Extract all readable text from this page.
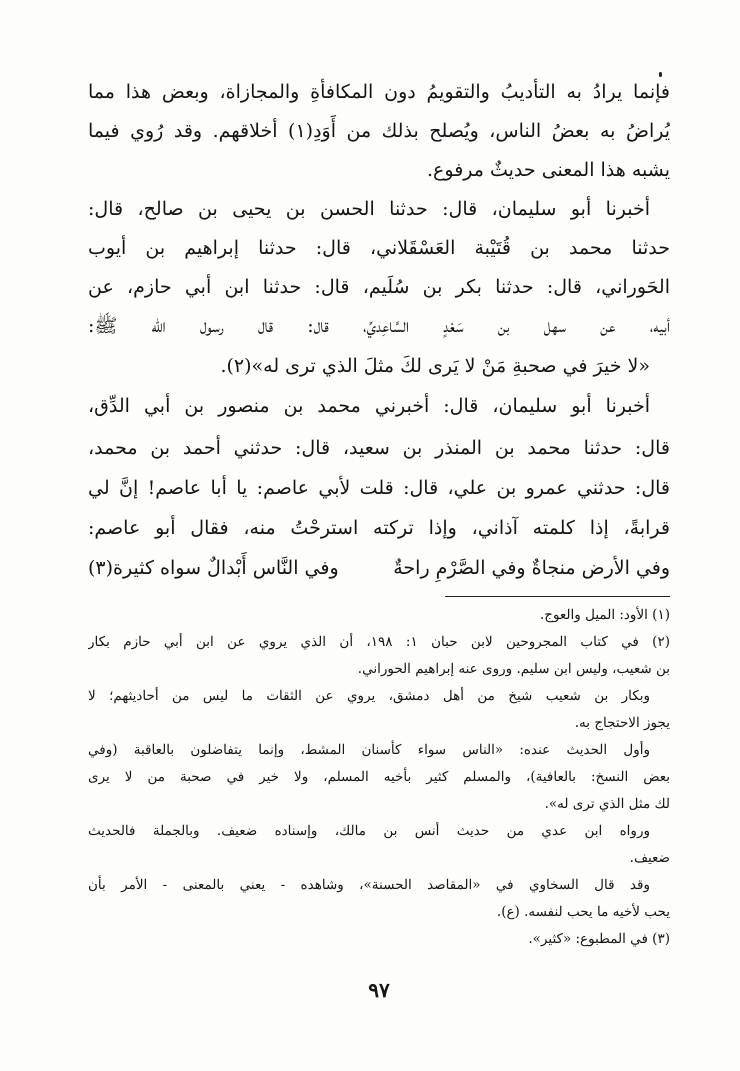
فإنما يرادُ به التأديبُ والتقويمُ دون المكافأةِ والمجازاة، وبعض هذا مما
يُراضُ به بعضُ الناس، ويُصلح بذلك من أَوَدِ(١) أخلاقهم. وقد رُوي فيما
يشبه هذا المعنى حديثٌ مرفوع.
أخبرنا أبو سليمان، قال: حدثنا الحسن بن يحيى بن صالح، قال:
حدثنا محمد بن قُتَيْبة العَسْقَلاني، قال: حدثنا إبراهيم بن أيوب
الحَوراني، قال: حدثنا بكر بن سُلَيم، قال: حدثنا ابن أبي حازم، عن
أبيه، عن سهل بن سَعْدٍ السَّاعِديِّ، قال: قال رسول الله ﷺ:
«لا خيرَ في صحبةِ مَنْ لا يَرى لكَ مثلَ الذي ترى له»(٢).
أخبرنا أبو سليمان، قال: أخبرني محمد بن منصور بن أبي الدِّق،
قال: حدثنا محمد بن المنذر بن سعيد، قال: حدثني أحمد بن محمد،
قال: حدثني عمرو بن علي، قال: قلت لأبي عاصم: يا أبا عاصم! إنَّ لي
قرابةً، إذا كلمته آذاني، وإذا تركته استرحْتُ منه، فقال أبو عاصم:
(١) الأود: الميل والعوج.
(٢) في كتاب المجروحين لابن حبان ١: ١٩٨، أن الذي يروي عن ابن أبي حازم بكار
بن شعيب، وليس ابن سليم. وروى عنه إبراهيم الحوراني.
وبكار بن شعيب شيخ من أهل دمشق، يروي عن الثقات ما ليس من أحاديثهم؛ لا
يجوز الاحتجاج به.
وأول الحديث عنده: «الناس سواء كأسنان المشط، وإنما يتفاضلون بالعاقبة (وفي
بعض النسخ: بالعافية)، والمسلم كثير بأخيه المسلم، ولا خير في صحبة من لا يرى
لك مثل الذي ترى له».
ورواه ابن عدي من حديث أنس بن مالك، وإسناده ضعيف. وبالجملة فالحديث
ضعيف.
وقد قال السخاوي في «المقاصد الحسنة»، وشاهده - يعني بالمعنى - الأمر بأن
يحب لأخيه ما يحب لنفسه. (ع).
(٣) في المطبوع: «كثير».
٩٧
وفي الأرض منجاةٌ وفي الصَّرْمِ راحةٌ
وفي النَّاس أَبْدالٌ سواه كثيرة(٣)
